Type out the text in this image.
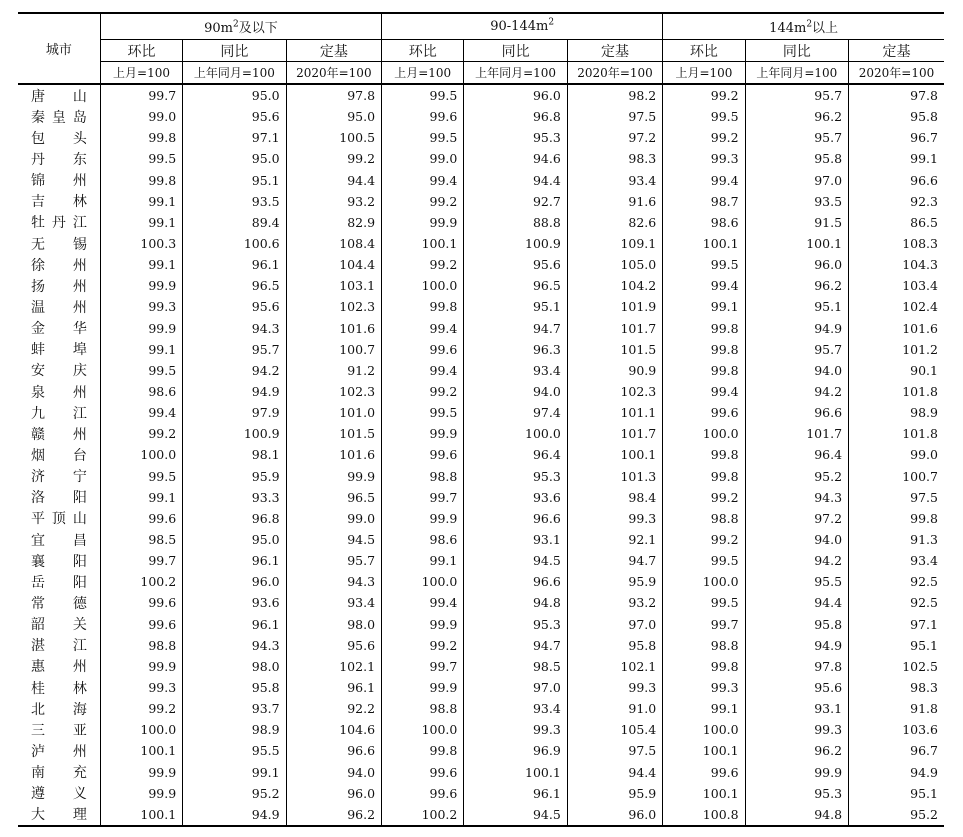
城市	$90m^2$及以下			$90-144m^2$			$144m^2$以上		
	环比	同比	定基	环比	同比	定基	环比	同比	定基
	上月=100	上年同月=100	2020年=100	上月=100	上年同月=100	2020年=100	上月=100	上年同月=100	2020年=100
唐山	99.7	95.0	97.8	99.5	96.0	98.2	99.2	95.7	97.8
秦皇岛	99.0	95.6	95.0	99.6	96.8	97.5	99.5	96.2	95.8
包头	99.8	97.1	100.5	99.5	95.3	97.2	99.2	95.7	96.7
丹东	99.5	95.0	99.2	99.0	94.6	98.3	99.3	95.8	99.1
锦州	99.8	95.1	94.4	99.4	94.4	93.4	99.4	97.0	96.6
吉林	99.1	93.5	93.2	99.2	92.7	91.6	98.7	93.5	92.3
牡丹江	99.1	89.4	82.9	99.9	88.8	82.6	98.6	91.5	86.5
无锡	100.3	100.6	108.4	100.1	100.9	109.1	100.1	100.1	108.3
徐州	99.1	96.1	104.4	99.2	95.6	105.0	99.5	96.0	104.3
扬州	99.9	96.5	103.1	100.0	96.5	104.2	99.4	96.2	103.4
温州	99.3	95.6	102.3	99.8	95.1	101.9	99.1	95.1	102.4
金华	99.9	94.3	101.6	99.4	94.7	101.7	99.8	94.9	101.6
蚌埠	99.1	95.7	100.7	99.6	96.3	101.5	99.8	95.7	101.2
安庆	99.5	94.2	91.2	99.4	93.4	90.9	99.8	94.0	90.1
泉州	98.6	94.9	102.3	99.2	94.0	102.3	99.4	94.2	101.8
九江	99.4	97.9	101.0	99.5	97.4	101.1	99.6	96.6	98.9
赣州	99.2	100.9	101.5	99.9	100.0	101.7	100.0	101.7	101.8
烟台	100.0	98.1	101.6	99.6	96.4	100.1	99.8	96.4	99.0
济宁	99.5	95.9	99.9	98.8	95.3	101.3	99.8	95.2	100.7
洛阳	99.1	93.3	96.5	99.7	93.6	98.4	99.2	94.3	97.5
平顶山	99.6	96.8	99.0	99.9	96.6	99.3	98.8	97.2	99.8
宜昌	98.5	95.0	94.5	98.6	93.1	92.1	99.2	94.0	91.3
襄阳	99.7	96.1	95.7	99.1	94.5	94.7	99.5	94.2	93.4
岳阳	100.2	96.0	94.3	100.0	96.6	95.9	100.0	95.5	92.5
常德	99.6	93.6	93.4	99.4	94.8	93.2	99.5	94.4	92.5
韶关	99.6	96.1	98.0	99.9	95.3	97.0	99.7	95.8	97.1
湛江	98.8	94.3	95.6	99.2	94.7	95.8	98.8	94.9	95.1
惠州	99.9	98.0	102.1	99.7	98.5	102.1	99.8	97.8	102.5
桂林	99.3	95.8	96.1	99.9	97.0	99.3	99.3	95.6	98.3
北海	99.2	93.7	92.2	98.8	93.4	91.0	99.1	93.1	91.8
三亚	100.0	98.9	104.6	100.0	99.3	105.4	100.0	99.3	103.6
泸州	100.1	95.5	96.6	99.8	96.9	97.5	100.1	96.2	96.7
南充	99.9	99.1	94.0	99.6	100.1	94.4	99.6	99.9	94.9
遵义	99.9	95.2	96.0	99.6	96.1	95.9	100.1	95.3	95.1
大理	100.1	94.9	96.2	100.2	94.5	96.0	100.8	94.8	95.2
